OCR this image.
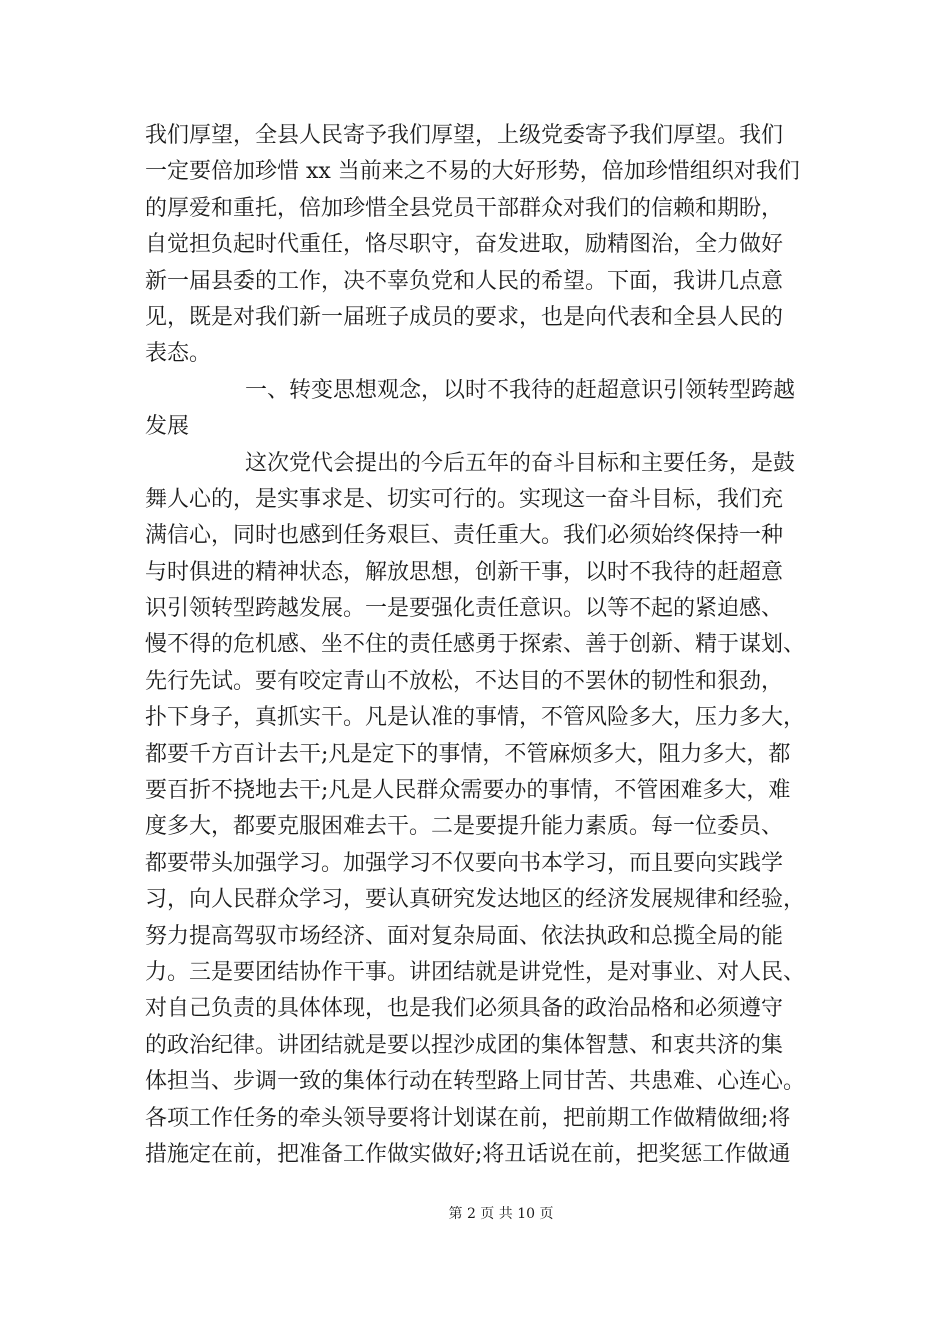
我们厚望，全县人民寄予我们厚望，上级党委寄予我们厚望。我们
一定要倍加珍惜 xx 当前来之不易的大好形势，倍加珍惜组织对我们
的厚爱和重托，倍加珍惜全县党员干部群众对我们的信赖和期盼，
自觉担负起时代重任，恪尽职守，奋发进取，励精图治，全力做好
新一届县委的工作，决不辜负党和人民的希望。下面，我讲几点意
见，既是对我们新一届班子成员的要求，也是向代表和全县人民的
表态。
一、转变思想观念，以时不我待的赶超意识引领转型跨越
发展
这次党代会提出的今后五年的奋斗目标和主要任务，是鼓
舞人心的，是实事求是、切实可行的。实现这一奋斗目标，我们充
满信心，同时也感到任务艰巨、责任重大。我们必须始终保持一种
与时俱进的精神状态，解放思想，创新干事，以时不我待的赶超意
识引领转型跨越发展。一是要强化责任意识。以等不起的紧迫感、
慢不得的危机感、坐不住的责任感勇于探索、善于创新、精于谋划、
先行先试。要有咬定青山不放松，不达目的不罢休的韧性和狠劲，
扑下身子，真抓实干。凡是认准的事情，不管风险多大，压力多大，
都要千方百计去干;凡是定下的事情，不管麻烦多大，阻力多大，都
要百折不挠地去干;凡是人民群众需要办的事情，不管困难多大，难
度多大，都要克服困难去干。二是要提升能力素质。每一位委员、
都要带头加强学习。加强学习不仅要向书本学习，而且要向实践学
习，向人民群众学习，要认真研究发达地区的经济发展规律和经验，
努力提高驾驭市场经济、面对复杂局面、依法执政和总揽全局的能
力。三是要团结协作干事。讲团结就是讲党性，是对事业、对人民、
对自己负责的具体体现，也是我们必须具备的政治品格和必须遵守
的政治纪律。讲团结就是要以捏沙成团的集体智慧、和衷共济的集
体担当、步调一致的集体行动在转型路上同甘苦、共患难、心连心。
各项工作任务的牵头领导要将计划谋在前，把前期工作做精做细;将
措施定在前，把准备工作做实做好;将丑话说在前，把奖惩工作做通
第 2 页 共 10 页
